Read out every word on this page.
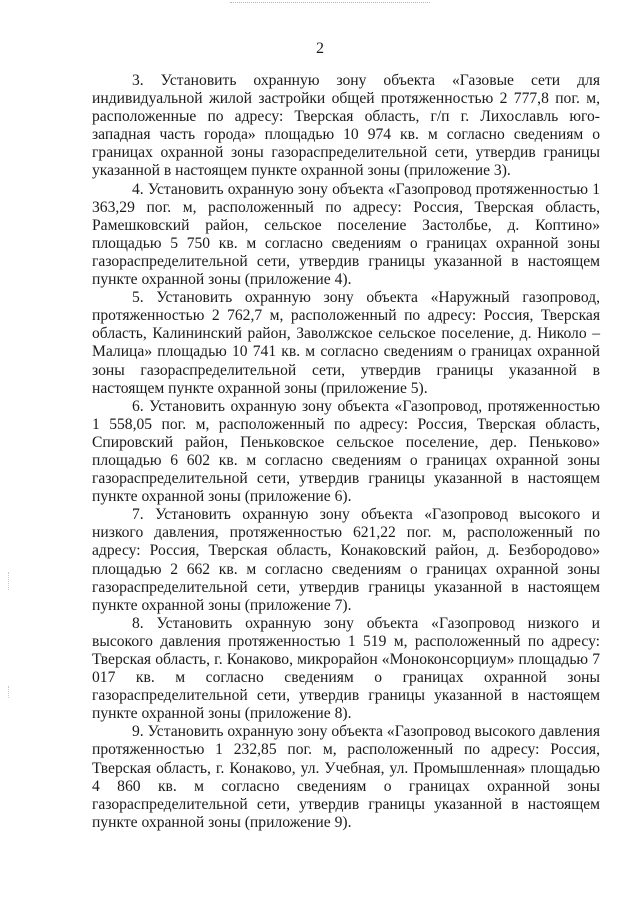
2

3. Установить охранную зону объекта «Газовые сети для индивидуальной жилой застройки общей протяженностью 2 777,8 пог. м, расположенные по адресу: Тверская область, г/п г. Лихославль юго-западная часть города» площадью 10 974 кв. м согласно сведениям о границах охранной зоны газораспределительной сети, утвердив границы указанной в настоящем пункте охранной зоны (приложение 3).

4. Установить охранную зону объекта «Газопровод протяженностью 1 363,29 пог. м, расположенный по адресу: Россия, Тверская область, Рамешковский район, сельское поселение Застолбье, д. Коптино» площадью 5 750 кв. м согласно сведениям о границах охранной зоны газораспределительной сети, утвердив границы указанной в настоящем пункте охранной зоны (приложение 4).

5. Установить охранную зону объекта «Наружный газопровод, протяженностью 2 762,7 м, расположенный по адресу: Россия, Тверская область, Калининский район, Заволжское сельское поселение, д. Николо – Малица» площадью 10 741 кв. м согласно сведениям о границах охранной зоны газораспределительной сети, утвердив границы указанной в настоящем пункте охранной зоны (приложение 5).

6. Установить охранную зону объекта «Газопровод, протяженностью 1 558,05 пог. м, расположенный по адресу: Россия, Тверская область, Спировский район, Пеньковское сельское поселение, дер. Пеньково» площадью 6 602 кв. м согласно сведениям о границах охранной зоны газораспределительной сети, утвердив границы указанной в настоящем пункте охранной зоны (приложение 6).

7. Установить охранную зону объекта «Газопровод высокого и низкого давления, протяженностью 621,22 пог. м, расположенный по адресу: Россия, Тверская область, Конаковский район, д. Безбородово» площадью 2 662 кв. м согласно сведениям о границах охранной зоны газораспределительной сети, утвердив границы указанной в настоящем пункте охранной зоны (приложение 7).

8. Установить охранную зону объекта «Газопровод низкого и высокого давления протяженностью 1 519 м, расположенный по адресу: Тверская область, г. Конаково, микрорайон «Моноконсорциум» площадью 7 017 кв. м согласно сведениям о границах охранной зоны газораспределительной сети, утвердив границы указанной в настоящем пункте охранной зоны (приложение 8).

9. Установить охранную зону объекта «Газопровод высокого давления протяженностью 1 232,85 пог. м, расположенный по адресу: Россия, Тверская область, г. Конаково, ул. Учебная, ул. Промышленная» площадью 4 860 кв. м согласно сведениям о границах охранной зоны газораспределительной сети, утвердив границы указанной в настоящем пункте охранной зоны (приложение 9).
